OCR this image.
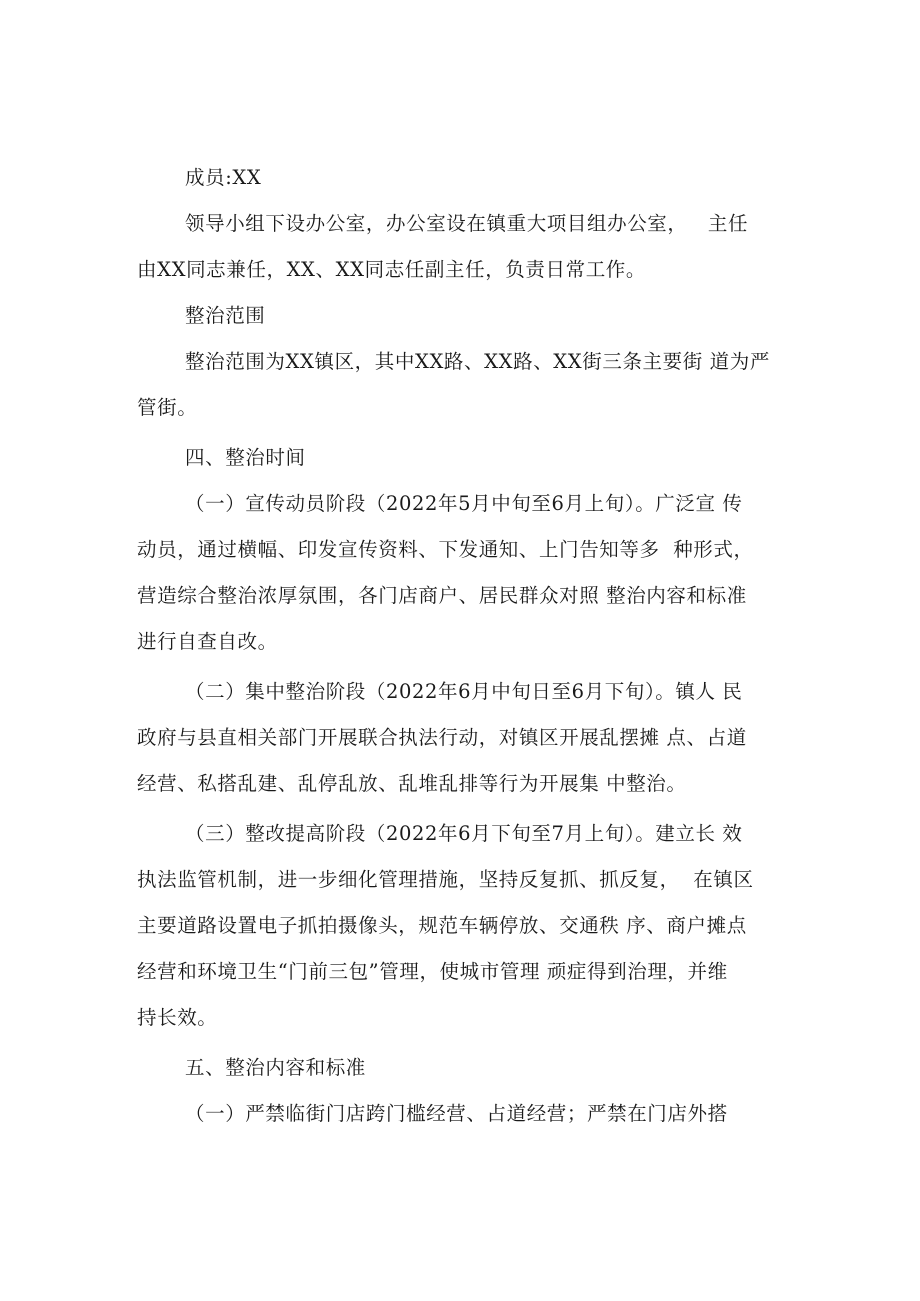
成员:XX
领导小组下设办公室，办公室设在镇重大项目组办公室，   主任
由XX同志兼任，XX、XX同志任副主任，负责日常工作。
整治范围
整治范围为XX镇区，其中XX路、XX路、XX街三条主要街 道为严
管街。
四、整治时间
（一）宣传动员阶段（2022年5月中旬至6月上旬）。广泛宣 传
动员，通过横幅、印发宣传资料、下发通知、上门告知等多  种形式，
营造综合整治浓厚氛围，各门店商户、居民群众对照 整治内容和标准
进行自查自改。
（二）集中整治阶段（2022年6月中旬日至6月下旬）。镇人 民
政府与县直相关部门开展联合执法行动，对镇区开展乱摆摊 点、占道
经营、私搭乱建、乱停乱放、乱堆乱排等行为开展集 中整治。
（三）整改提高阶段（2022年6月下旬至7月上旬）。建立长 效
执法监管机制，进一步细化管理措施，坚持反复抓、抓反复，  在镇区
主要道路设置电子抓拍摄像头，规范车辆停放、交通秩 序、商户摊点
经营和环境卫生“门前三包”管理，使城市管理 顽症得到治理，并维
持长效。
五、整治内容和标准
（一）严禁临街门店跨门槛经营、占道经营；严禁在门店外搭
